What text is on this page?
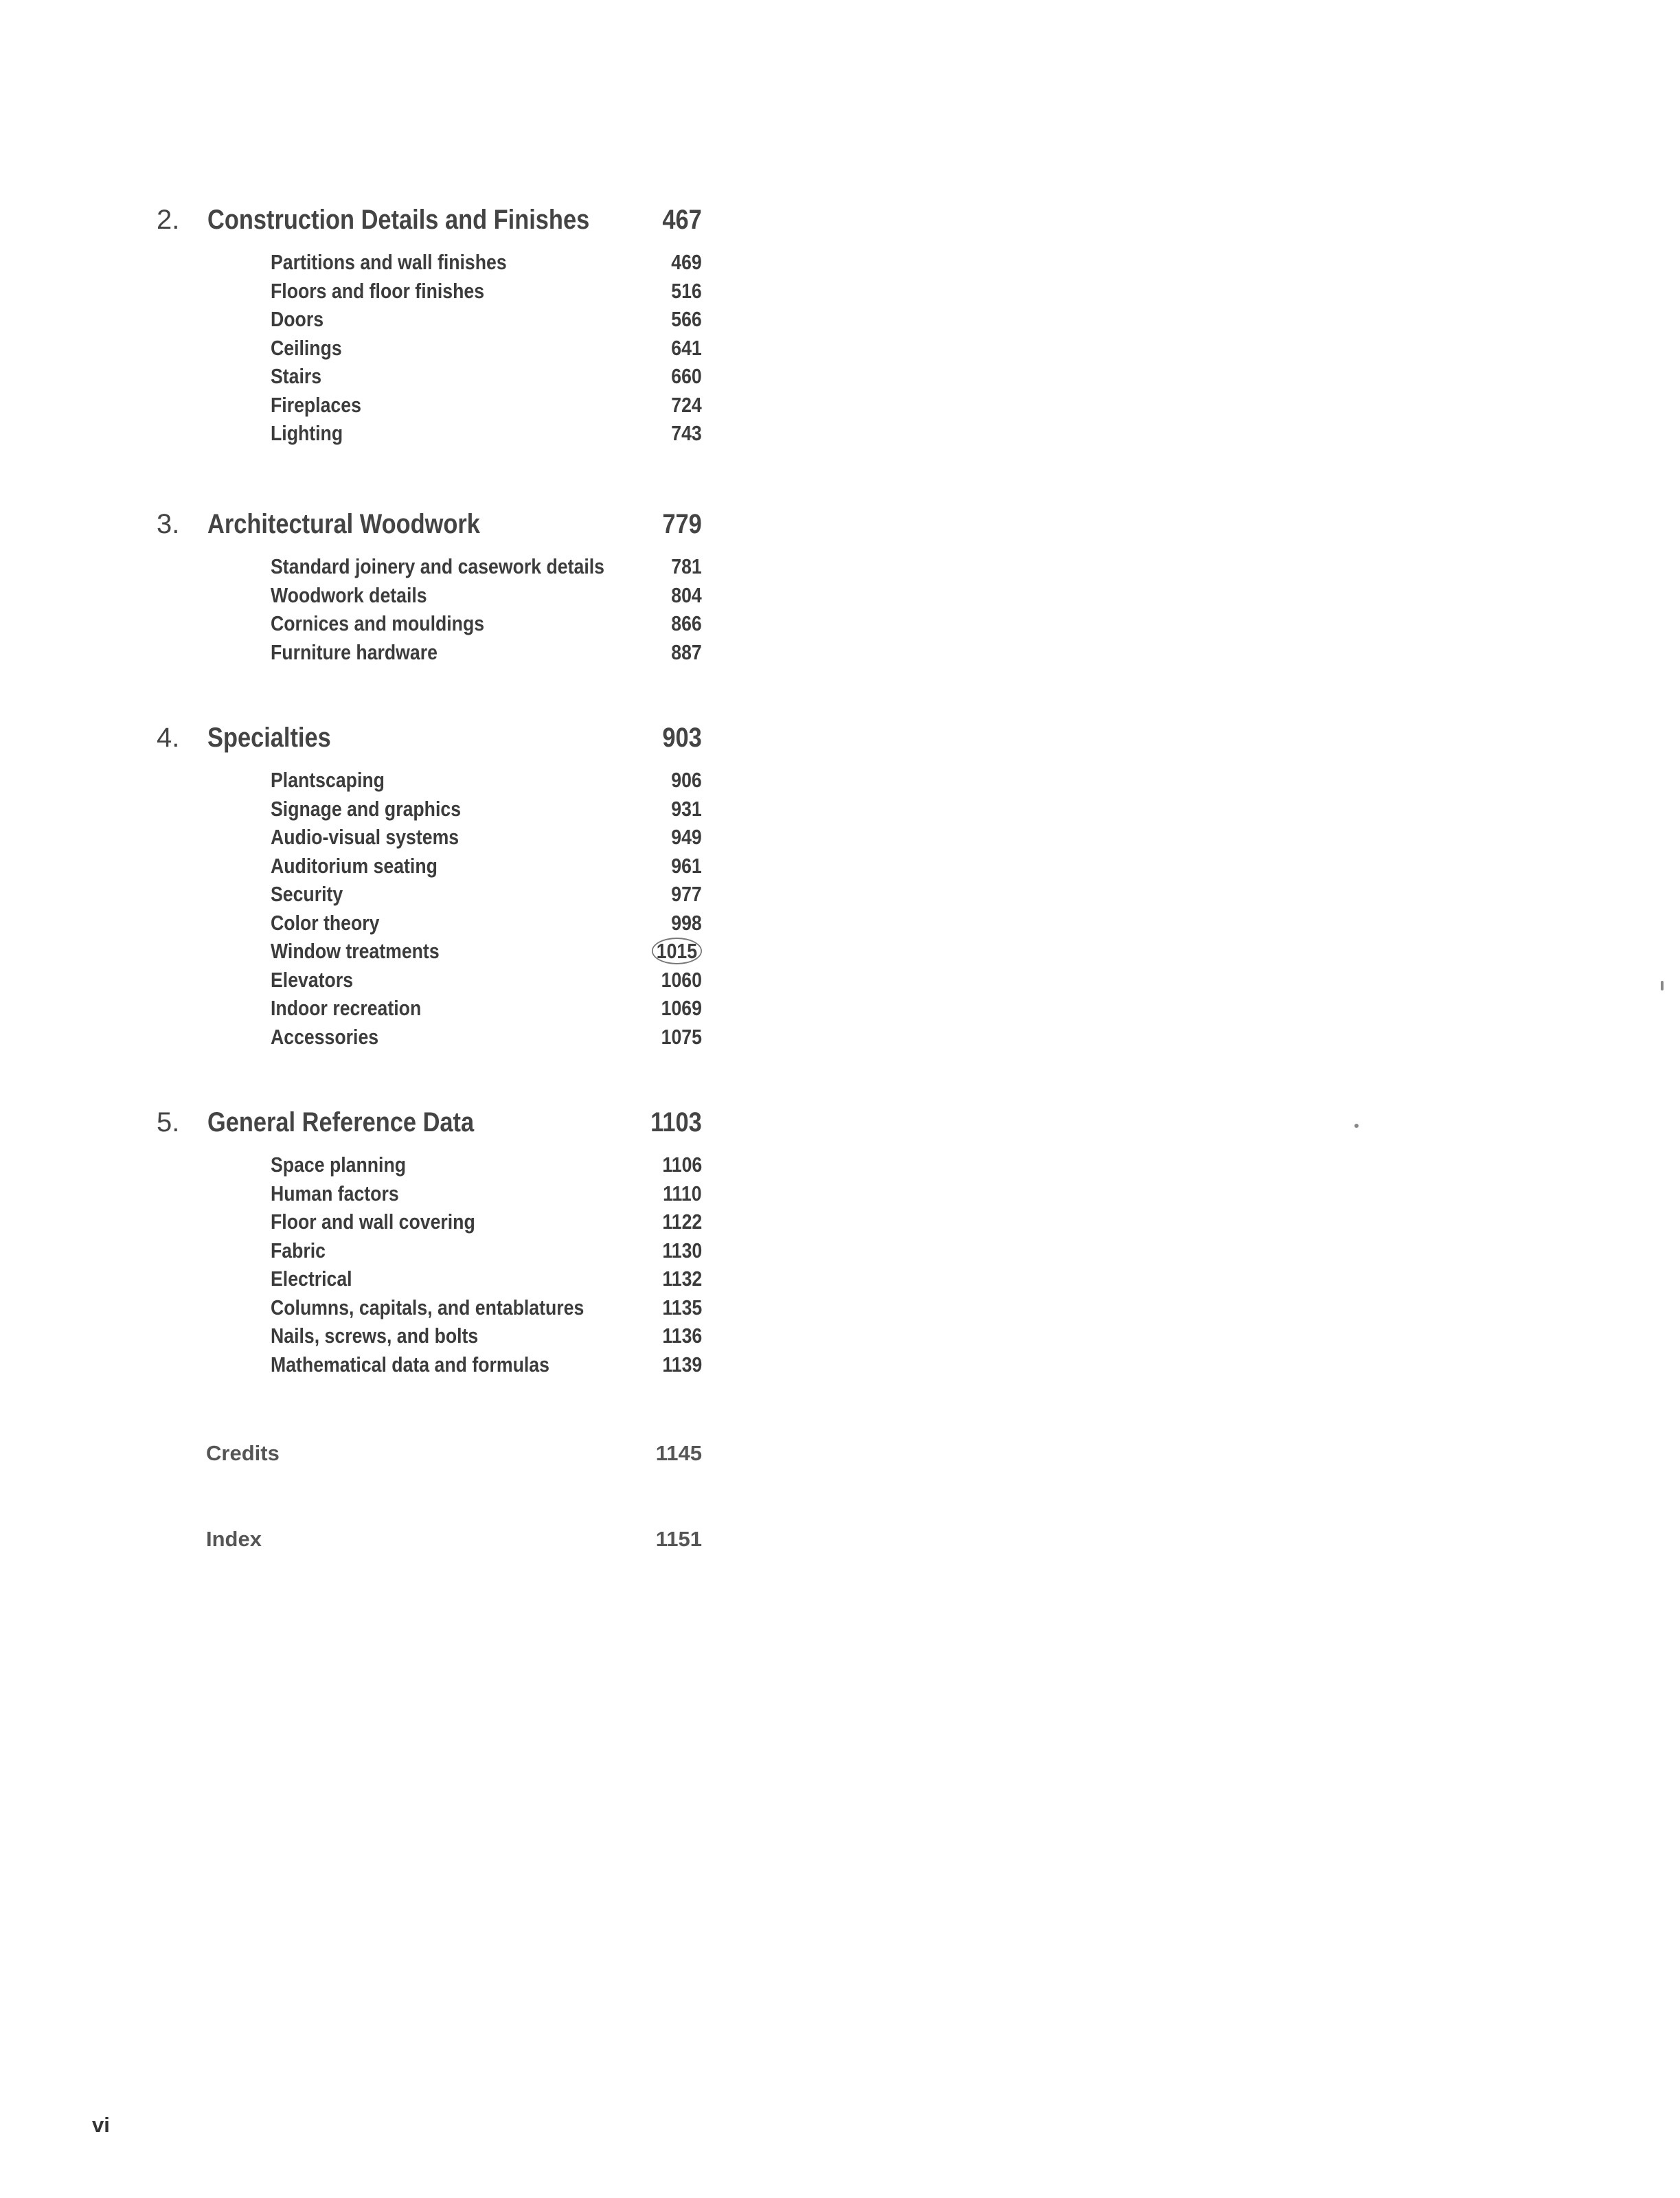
2. Construction Details and Finishes	467
Partitions and wall finishes	469
Floors and floor finishes	516
Doors	566
Ceilings	641
Stairs	660
Fireplaces	724
Lighting	743
3. Architectural Woodwork	779
Standard joinery and casework details	781
Woodwork details	804
Cornices and mouldings	866
Furniture hardware	887
4. Specialties	903
Plantscaping	906
Signage and graphics	931
Audio-visual systems	949
Auditorium seating	961
Security	977
Color theory	998
Window treatments	1015
Elevators	1060
Indoor recreation	1069
Accessories	1075
5. General Reference Data	1103
Space planning	1106
Human factors	1110
Floor and wall covering	1122
Fabric	1130
Electrical	1132
Columns, capitals, and entablatures	1135
Nails, screws, and bolts	1136
Mathematical data and formulas	1139
Credits	1145
Index	1151
vi
